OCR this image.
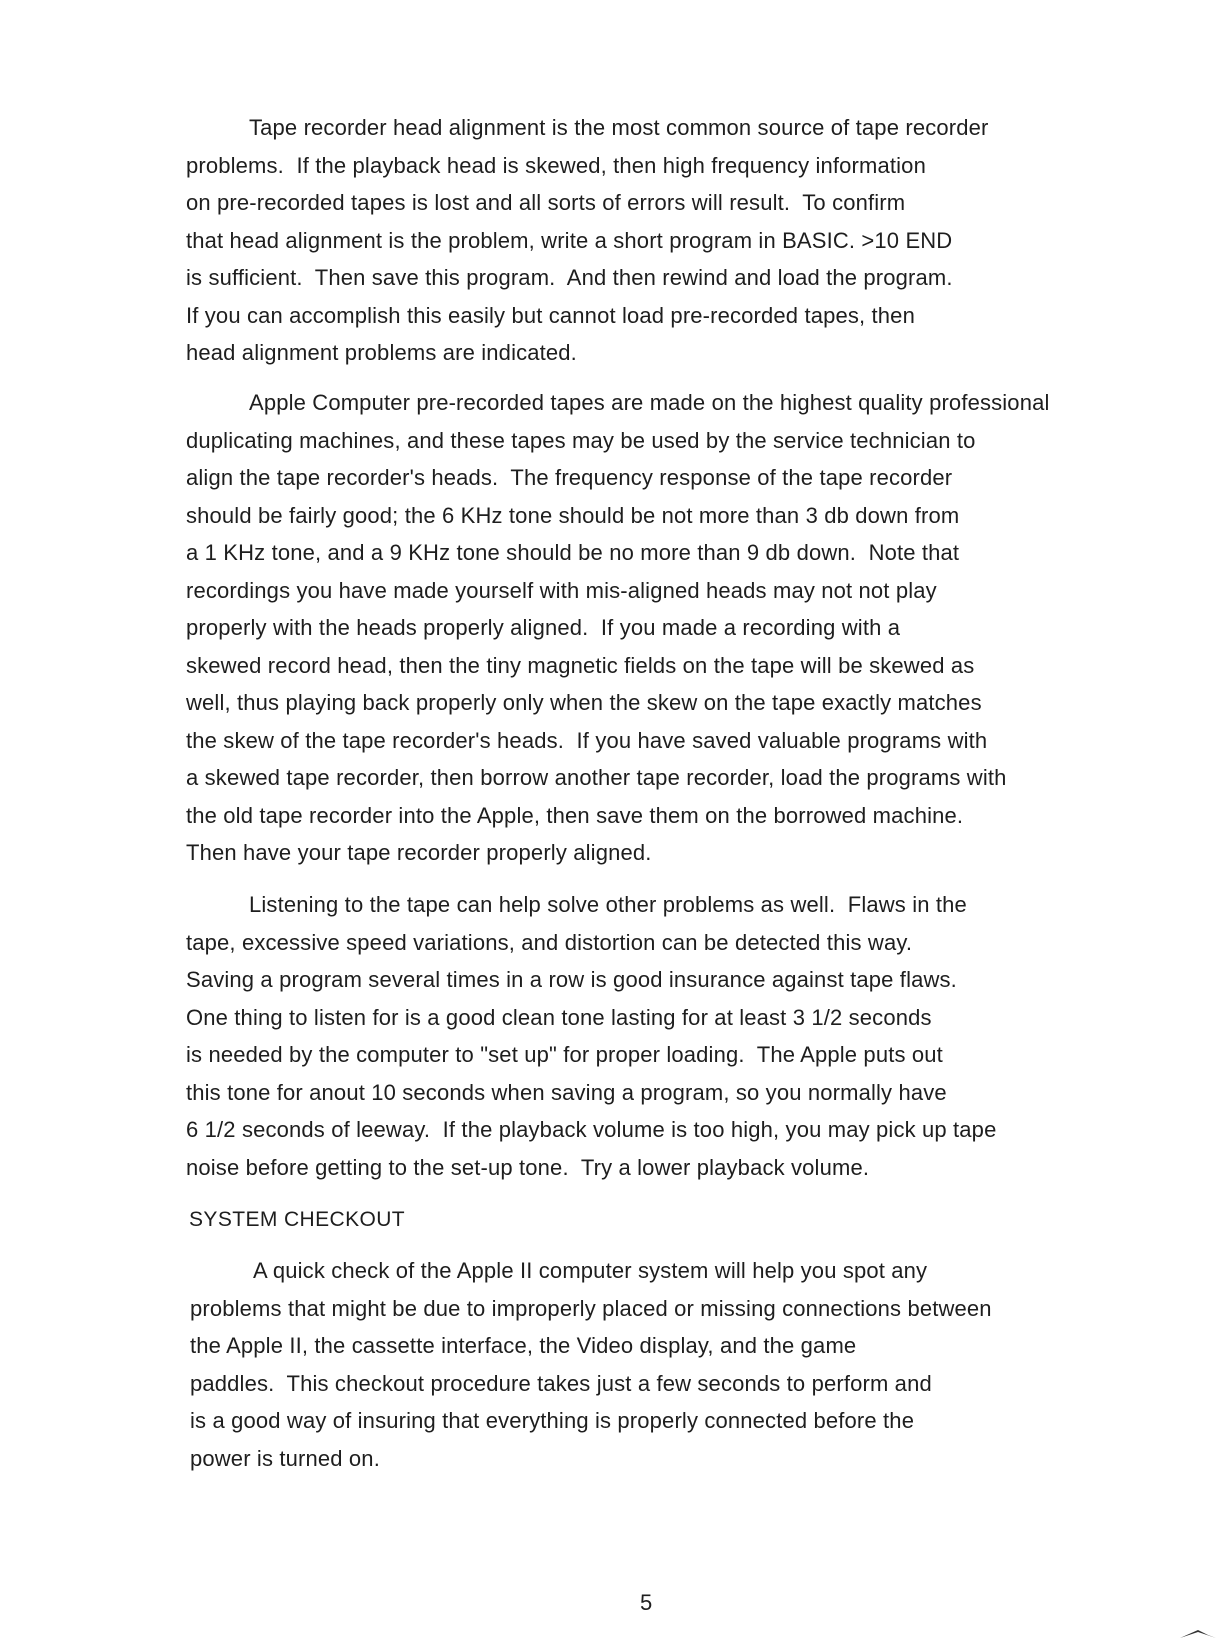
Tape recorder head alignment is the most common source of tape recorder
problems.  If the playback head is skewed, then high frequency information
on pre-recorded tapes is lost and all sorts of errors will result.  To confirm
that head alignment is the problem, write a short program in BASIC. >10 END
is sufficient.  Then save this program.  And then rewind and load the program.
If you can accomplish this easily but cannot load pre-recorded tapes, then
head alignment problems are indicated.
Apple Computer pre-recorded tapes are made on the highest quality professional
duplicating machines, and these tapes may be used by the service technician to
align the tape recorder's heads.  The frequency response of the tape recorder
should be fairly good; the 6 KHz tone should be not more than 3 db down from
a 1 KHz tone, and a 9 KHz tone should be no more than 9 db down.  Note that
recordings you have made yourself with mis-aligned heads may not not play
properly with the heads properly aligned.  If you made a recording with a
skewed record head, then the tiny magnetic fields on the tape will be skewed as
well, thus playing back properly only when the skew on the tape exactly matches
the skew of the tape recorder's heads.  If you have saved valuable programs with
a skewed tape recorder, then borrow another tape recorder, load the programs with
the old tape recorder into the Apple, then save them on the borrowed machine.
Then have your tape recorder properly aligned.
Listening to the tape can help solve other problems as well.  Flaws in the
tape, excessive speed variations, and distortion can be detected this way.
Saving a program several times in a row is good insurance against tape flaws.
One thing to listen for is a good clean tone lasting for at least 3 1/2 seconds
is needed by the computer to "set up" for proper loading.  The Apple puts out
this tone for anout 10 seconds when saving a program, so you normally have
6 1/2 seconds of leeway.  If the playback volume is too high, you may pick up tape
noise before getting to the set-up tone.  Try a lower playback volume.
SYSTEM CHECKOUT
A quick check of the Apple II computer system will help you spot any
problems that might be due to improperly placed or missing connections between
the Apple II, the cassette interface, the Video display, and the game
paddles.  This checkout procedure takes just a few seconds to perform and
is a good way of insuring that everything is properly connected before the
power is turned on.
5
